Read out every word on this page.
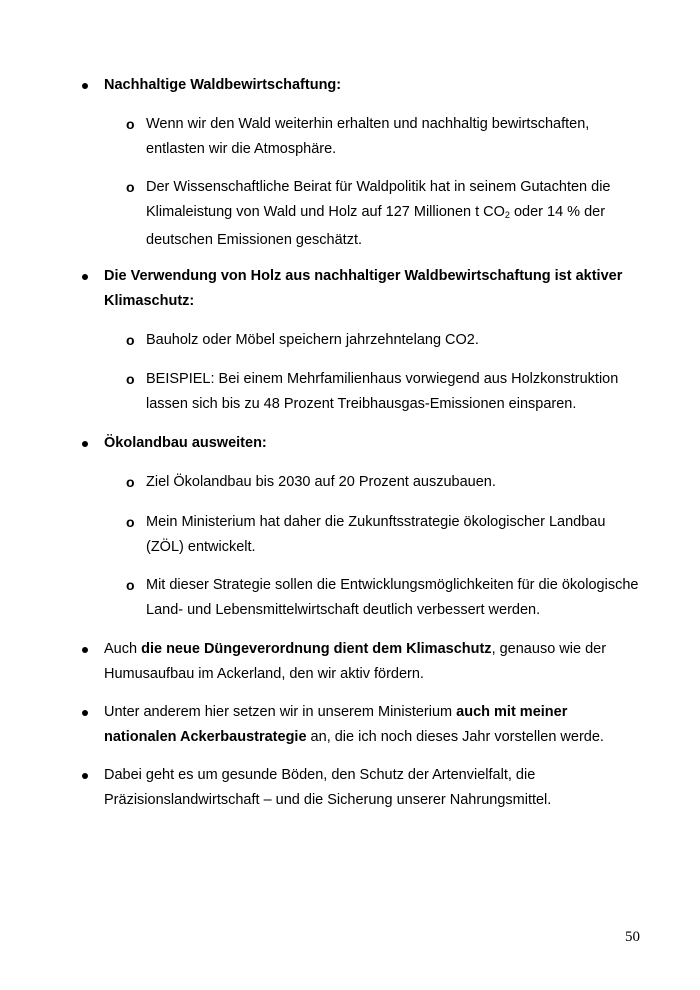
Nachhaltige Waldbewirtschaftung:
o Wenn wir den Wald weiterhin erhalten und nachhaltig bewirtschaften, entlasten wir die Atmosphäre.
o Der Wissenschaftliche Beirat für Waldpolitik hat in seinem Gutachten die Klimaleistung von Wald und Holz auf 127 Millionen t $CO_2$ oder 14 % der deutschen Emissionen geschätzt.
Die Verwendung von Holz aus nachhaltiger Waldbewirtschaftung ist aktiver Klimaschutz:
o Bauholz oder Möbel speichern jahrzehntelang CO2.
o BEISPIEL: Bei einem Mehrfamilienhaus vorwiegend aus Holzkonstruktion lassen sich bis zu 48 Prozent Treibhausgas-Emissionen einsparen.
Ökolandbau ausweiten:
o Ziel Ökolandbau bis 2030 auf 20 Prozent auszubauen.
o Mein Ministerium hat daher die Zukunftsstrategie ökologischer Landbau (ZÖL) entwickelt.
o Mit dieser Strategie sollen die Entwicklungsmöglichkeiten für die ökologische Land- und Lebensmittelwirtschaft deutlich verbessert werden.
Auch die neue Düngeverordnung dient dem Klimaschutz, genauso wie der Humusaufbau im Ackerland, den wir aktiv fördern.
Unter anderem hier setzen wir in unserem Ministerium auch mit meiner nationalen Ackerbaustrategie an, die ich noch dieses Jahr vorstellen werde.
Dabei geht es um gesunde Böden, den Schutz der Artenvielfalt, die Präzisionslandwirtschaft – und die Sicherung unserer Nahrungsmittel.
50
